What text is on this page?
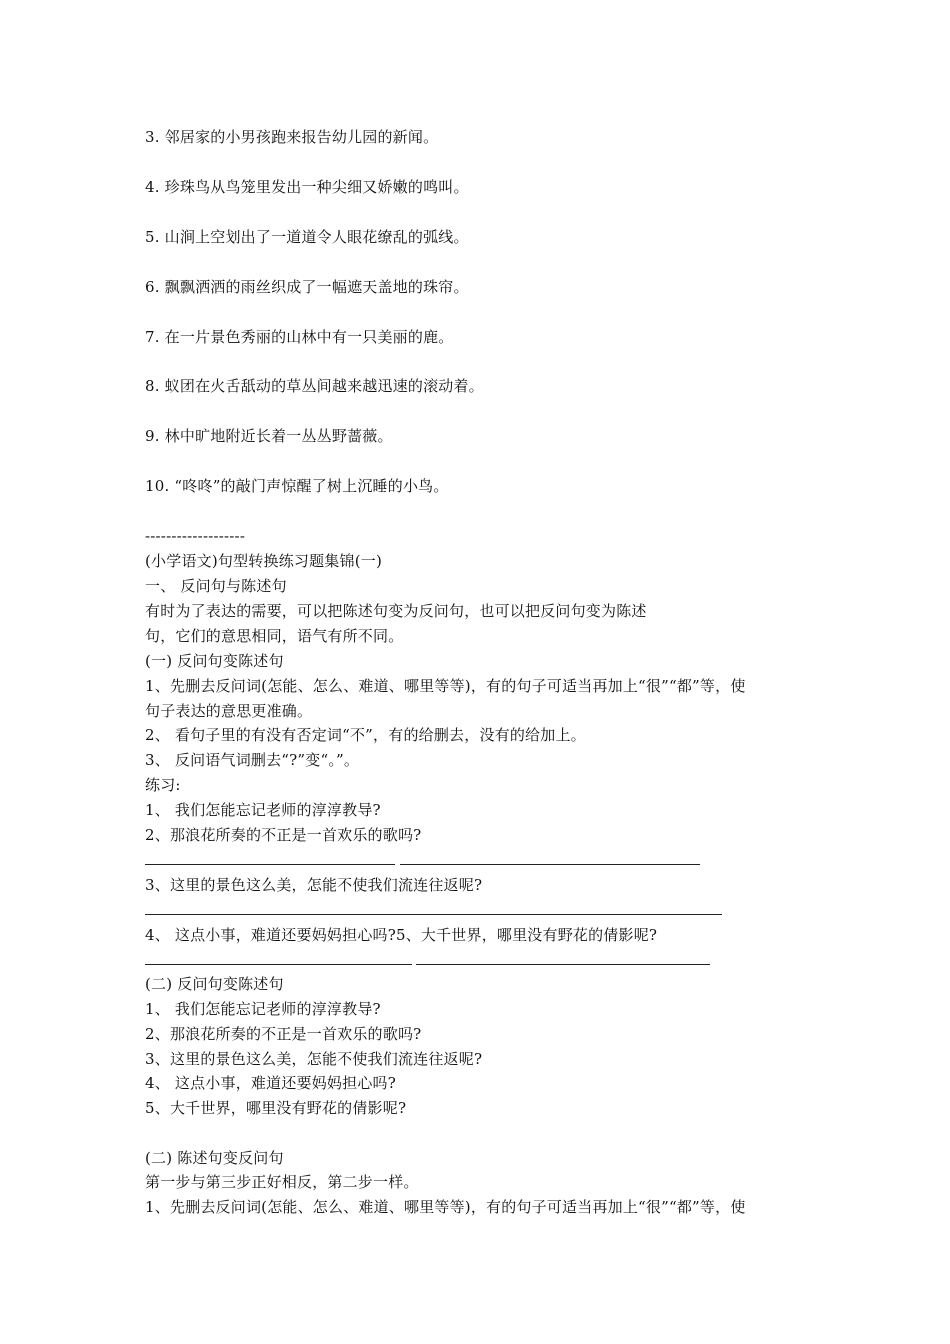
3. 邻居家的小男孩跑来报告幼儿园的新闻。
4. 珍珠鸟从鸟笼里发出一种尖细又娇嫩的鸣叫。
5. 山涧上空划出了一道道令人眼花缭乱的弧线。
6. 飘飘洒洒的雨丝织成了一幅遮天盖地的珠帘。
7. 在一片景色秀丽的山林中有一只美丽的鹿。
8. 蚁团在火舌舐动的草丛间越来越迅速的滚动着。
9. 林中旷地附近长着一丛丛野蔷薇。
10. “咚咚”的敲门声惊醒了树上沉睡的小鸟。
-------------------
(小学语文)句型转换练习题集锦(一)
一、 反问句与陈述句
有时为了表达的需要，可以把陈述句变为反问句，也可以把反问句变为陈述
句，它们的意思相同，语气有所不同。
(一) 反问句变陈述句
1、先删去反问词(怎能、怎么、难道、哪里等等)，有的句子可适当再加上“很”“都”等，使
句子表达的意思更准确。
2、 看句子里的有没有否定词“不”，有的给删去，没有的给加上。
3、 反问语气词删去“?”变“。”。
练习:
1、 我们怎能忘记老师的淳淳教导?
2、那浪花所奏的不正是一首欢乐的歌吗?
3、这里的景色这么美，怎能不使我们流连往返呢?
4、 这点小事，难道还要妈妈担心吗?5、大千世界，哪里没有野花的倩影呢?
(二) 反问句变陈述句
1、 我们怎能忘记老师的淳淳教导?
2、那浪花所奏的不正是一首欢乐的歌吗?
3、这里的景色这么美，怎能不使我们流连往返呢?
4、 这点小事，难道还要妈妈担心吗?
5、大千世界，哪里没有野花的倩影呢?
(二) 陈述句变反问句
第一步与第三步正好相反，第二步一样。
1、先删去反问词(怎能、怎么、难道、哪里等等)，有的句子可适当再加上“很”“都”等，使
